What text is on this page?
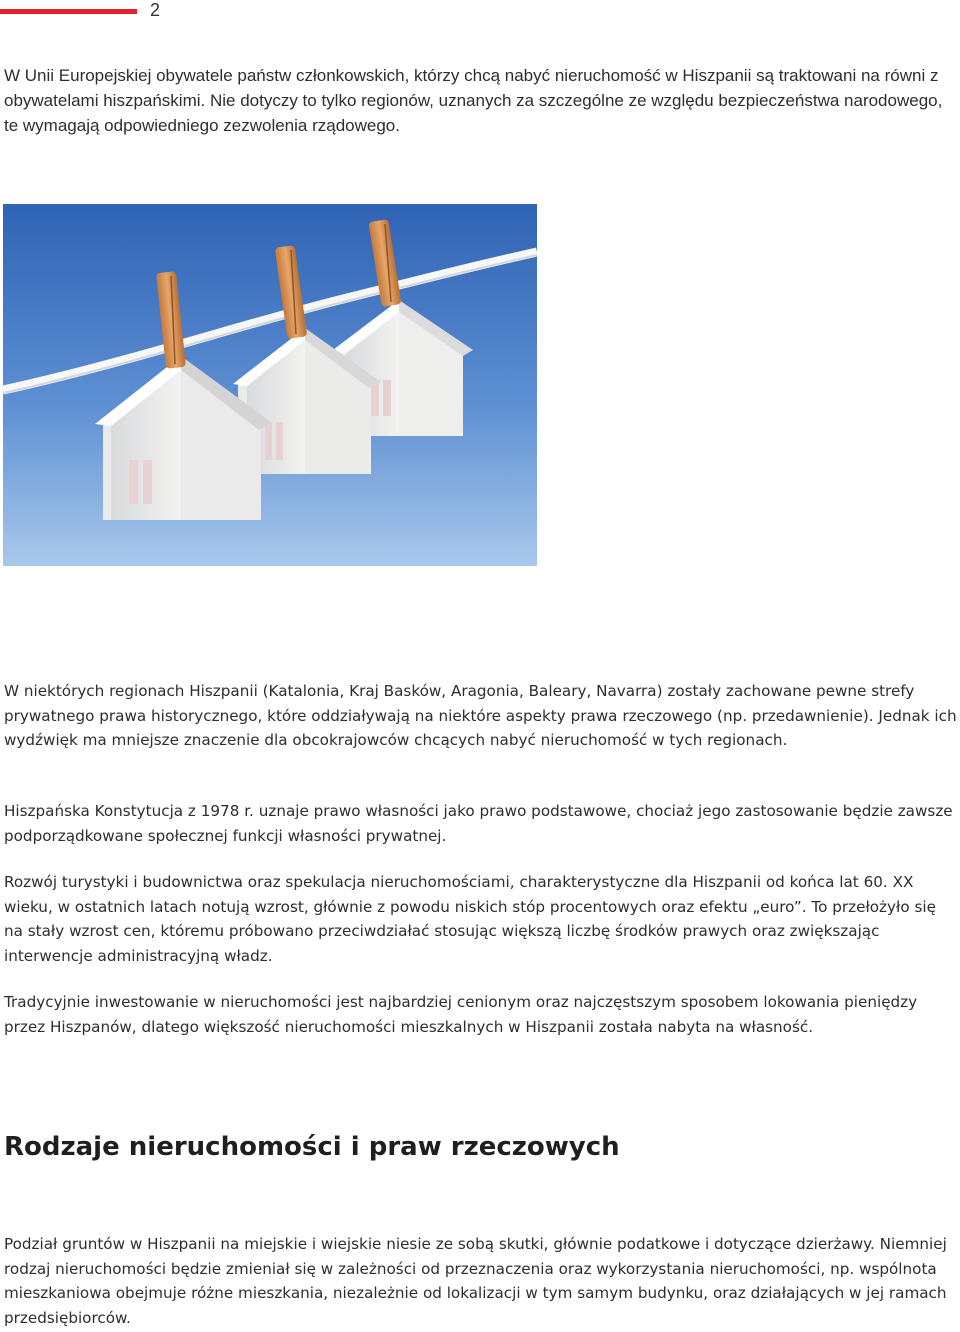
2

W Unii Europejskiej obywatele państw członkowskich, którzy chcą nabyć nieruchomość w Hiszpanii są traktowani na równi z obywatelami hiszpańskimi. Nie dotyczy to tylko regionów, uznanych za szczególne ze względu bezpieczeństwa narodowego, te wymagają odpowiedniego zezwolenia rządowego.

W niektórych regionach Hiszpanii (Katalonia, Kraj Basków, Aragonia, Baleary, Navarra) zostały zachowane pewne strefy prywatnego prawa historycznego, które oddziaływają na niektóre aspekty prawa rzeczowego (np. przedawnienie). Jednak ich wydźwięk ma mniejsze znaczenie dla obcokrajowców chcących nabyć nieruchomość w tych regionach.

Hiszpańska Konstytucja z 1978 r. uznaje prawo własności jako prawo podstawowe, chociaż jego zastosowanie będzie zawsze podporządkowane społecznej funkcji własności prywatnej.

Rozwój turystyki i budownictwa oraz spekulacja nieruchomościami, charakterystyczne dla Hiszpanii od końca lat 60. XX wieku, w ostatnich latach notują wzrost, głównie z powodu niskich stóp procentowych oraz efektu „euro”. To przełożyło się na stały wzrost cen, któremu próbowano przeciwdziałać stosując większą liczbę środków prawych oraz zwiększając interwencje administracyjną władz.

Tradycyjnie inwestowanie w nieruchomości jest najbardziej cenionym oraz najczęstszym sposobem lokowania pieniędzy przez Hiszpanów, dlatego większość nieruchomości mieszkalnych w Hiszpanii została nabyta na własność.

Rodzaje nieruchomości i praw rzeczowych

Podział gruntów w Hiszpanii na miejskie i wiejskie niesie ze sobą skutki, głównie podatkowe i dotyczące dzierżawy. Niemniej rodzaj nieruchomości będzie zmieniał się w zależności od przeznaczenia oraz wykorzystania nieruchomości, np. wspólnota mieszkaniowa obejmuje różne mieszkania, niezależnie od lokalizacji w tym samym budynku, oraz działających w jej ramach przedsiębiorców.
